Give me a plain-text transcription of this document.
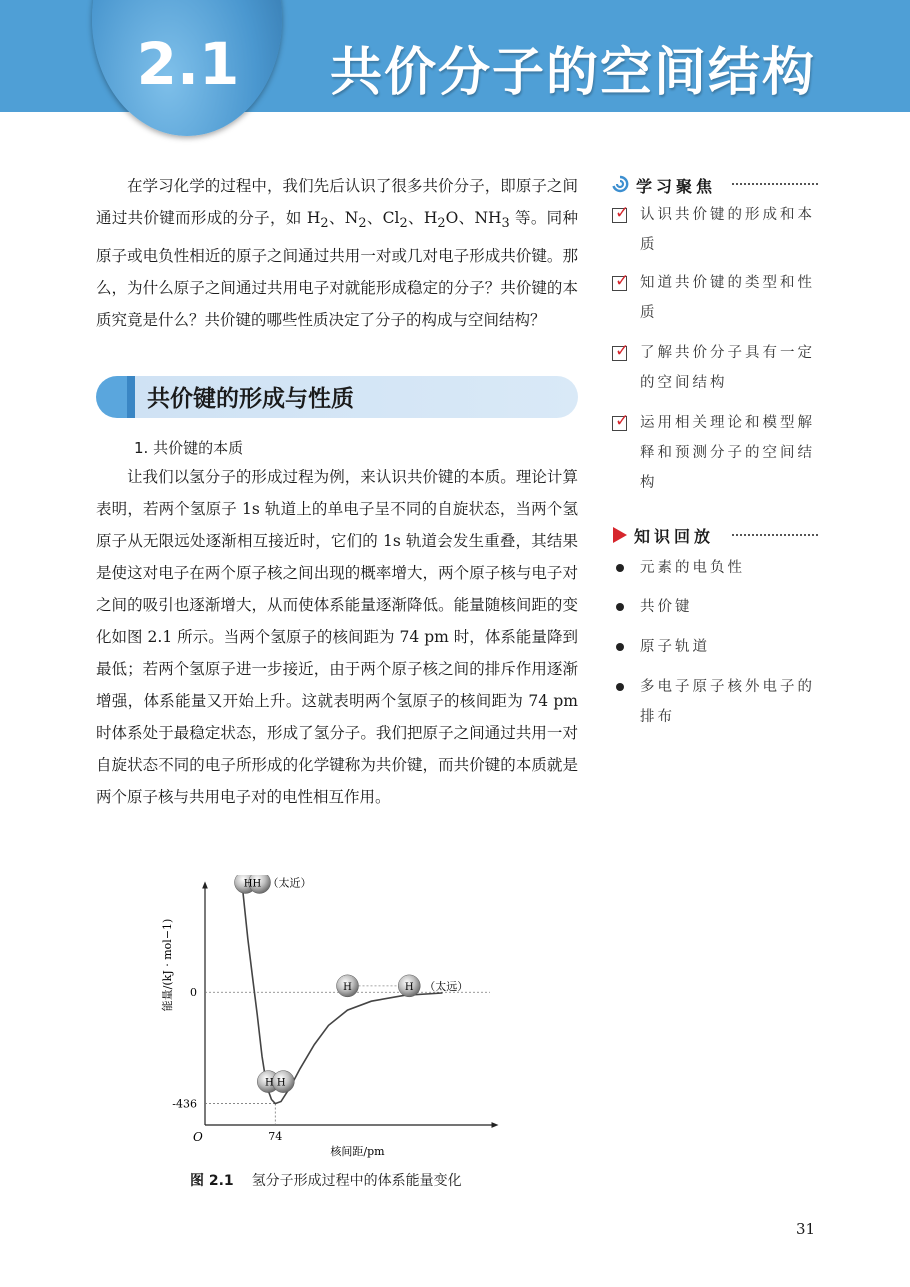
2.1 共价分子的空间结构

在学习化学的过程中，我们先后认识了很多共价分子，即原子之间通过共价键而形成的分子，如 $H_2$、$N_2$、$Cl_2$、$H_2O$、$NH_3$ 等。同种原子或电负性相近的原子之间通过共用一对或几对电子形成共价键。那么，为什么原子之间通过共用电子对就能形成稳定的分子？共价键的本质究竟是什么？共价键的哪些性质决定了分子的构成与空间结构？

共价键的形成与性质
1. 共价键的本质

让我们以氢分子的形成过程为例，来认识共价键的本质。理论计算表明，若两个氢原子 1s 轨道上的单电子呈不同的自旋状态，当两个氢原子从无限远处逐渐相互接近时，它们的 1s 轨道会发生重叠，其结果是使这对电子在两个原子核之间出现的概率增大，两个原子核与电子对之间的吸引也逐渐增大，从而使体系能量逐渐降低。能量随核间距的变化如图 2.1 所示。当两个氢原子的核间距为 74 pm 时，体系能量降到最低；若两个氢原子进一步接近，由于两个原子核之间的排斥作用逐渐增强，体系能量又开始上升。这就表明两个氢原子的核间距为 74 pm 时体系处于最稳定状态，形成了氢分子。我们把原子之间通过共用一对自旋状态不同的电子所形成的化学键称为共价键，而共价键的本质就是两个原子核与共用电子对的电性相互作用。

学习聚焦
✓ 认识共价键的形成和本质
✓ 知道共价键的类型和性质
✓ 了解共价分子具有一定的空间结构
✓ 运用相关理论和模型解释和预测分子的空间结构
知识回放
元素的电负性
共价键
原子轨道
多电子原子核外电子的排布
0
-436
74
O
核间距/pm
能量/(kJ · mol−1)
HH （太近）
H H
H	H （太远）
图 2.1 氢分子形成过程中的体系能量变化
31
